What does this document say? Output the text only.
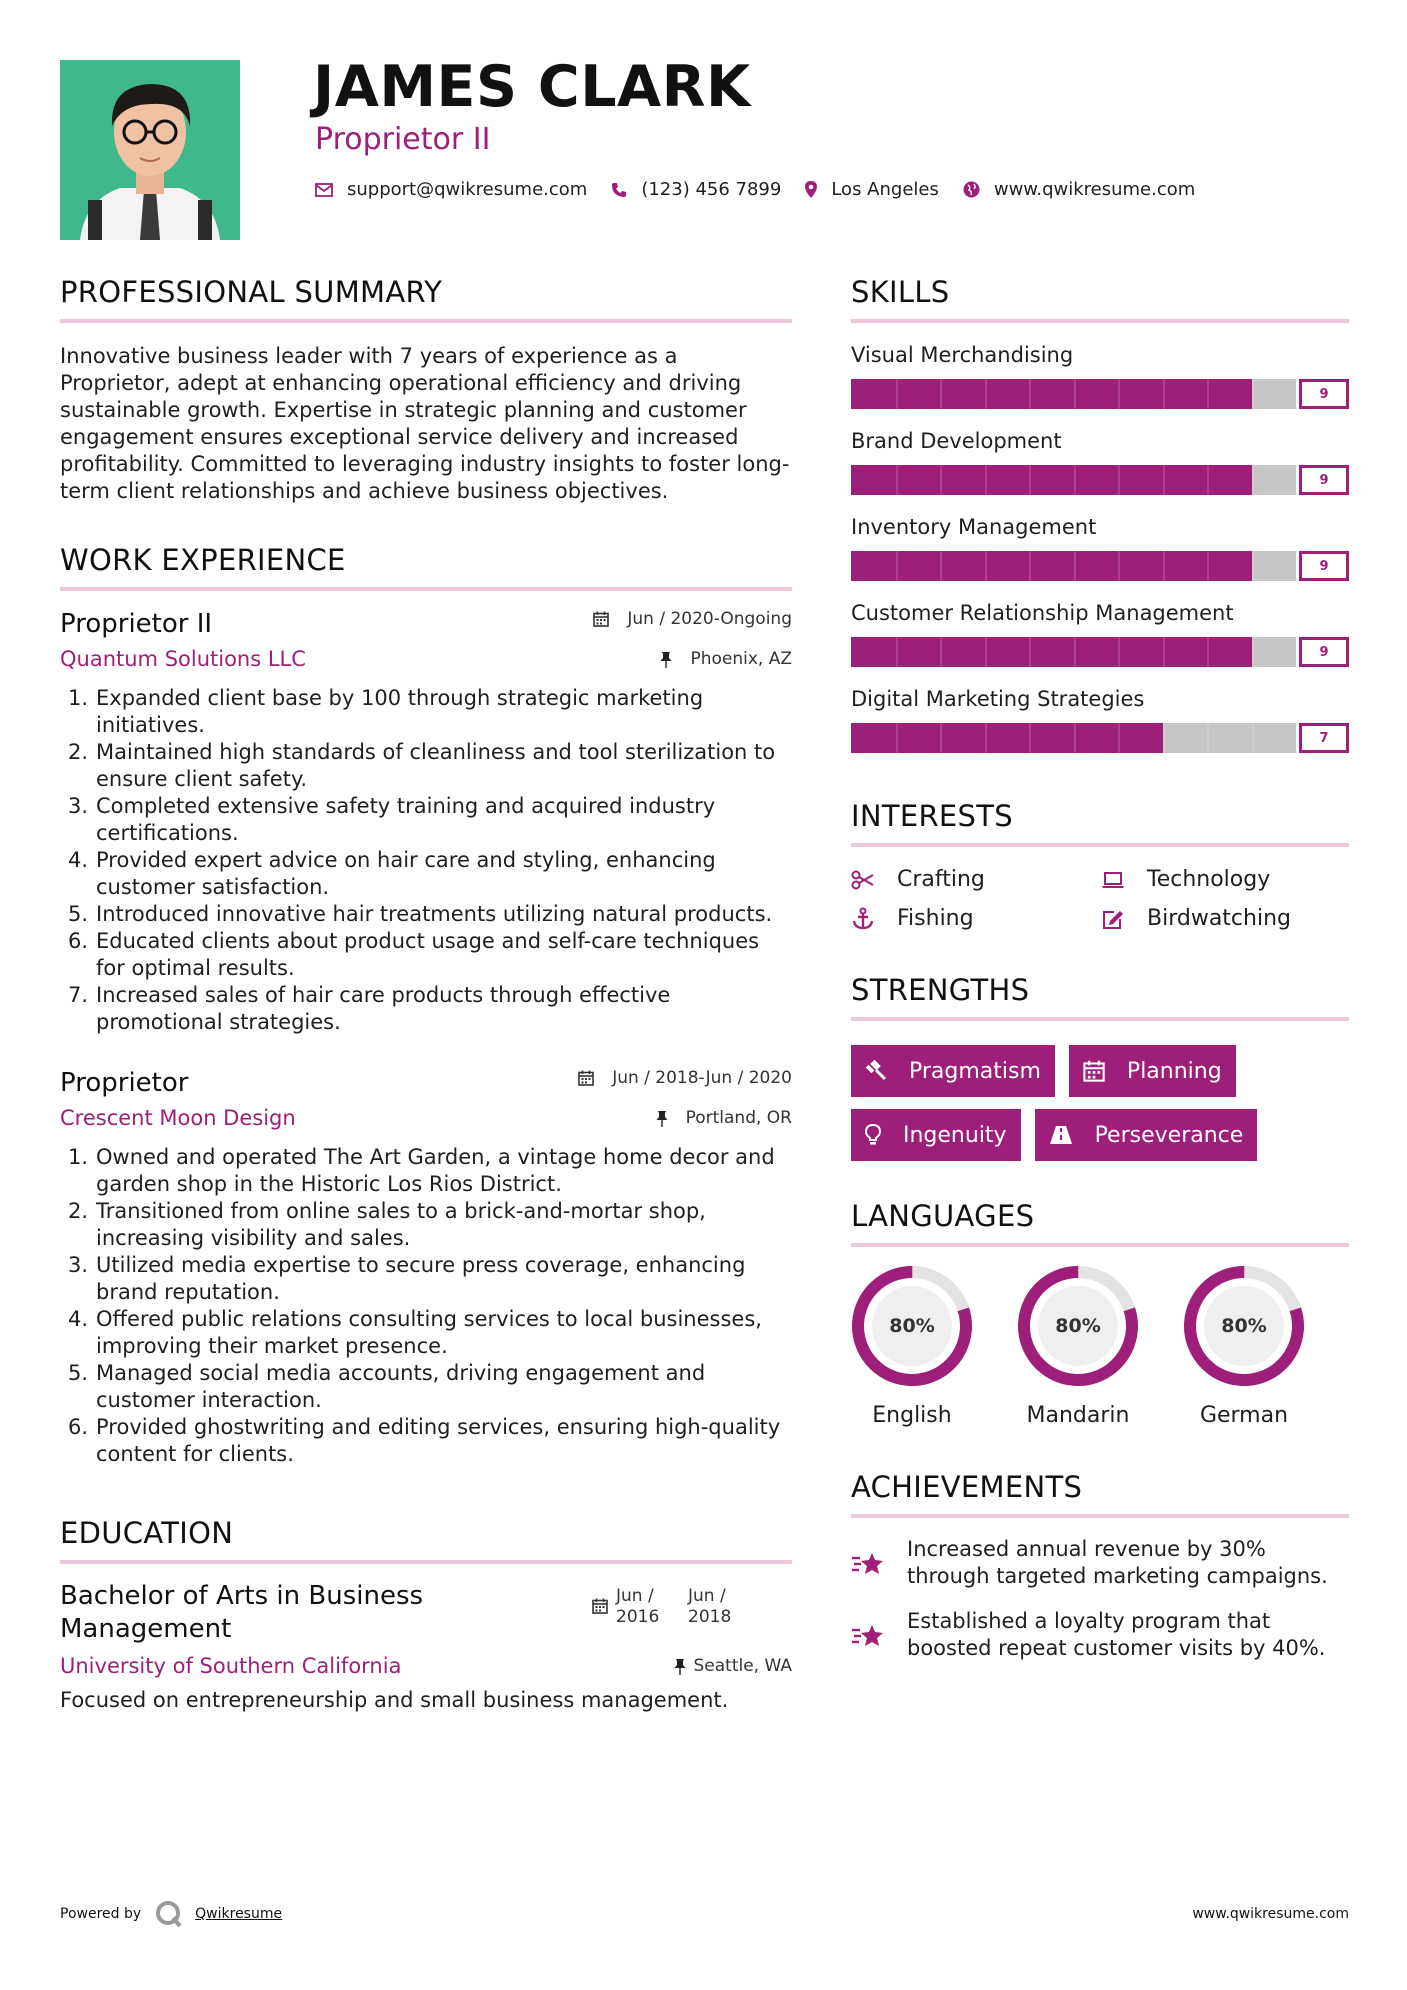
JAMES CLARK
Proprietor II
support@qwikresume.com	(123) 456 7899	Los Angeles	www.qwikresume.com
PROFESSIONAL SUMMARY

Innovative business leader with 7 years of experience as a Proprietor, adept at enhancing operational efficiency and driving sustainable growth. Expertise in strategic planning and customer engagement ensures exceptional service delivery and increased profitability. Committed to leveraging industry insights to foster long-term client relationships and achieve business objectives.

WORK EXPERIENCE
Proprietor II	Jun / 2020-Ongoing
Quantum Solutions LLC	Phoenix, AZ
Expanded client base by 100 through strategic marketing initiatives.
Maintained high standards of cleanliness and tool sterilization to ensure client safety.
Completed extensive safety training and acquired industry certifications.
Provided expert advice on hair care and styling, enhancing customer satisfaction.
Introduced innovative hair treatments utilizing natural products.
Educated clients about product usage and self-care techniques for optimal results.
Increased sales of hair care products through effective promotional strategies.
Proprietor	Jun / 2018-Jun / 2020
Crescent Moon Design	Portland, OR
Owned and operated The Art Garden, a vintage home decor and garden shop in the Historic Los Rios District.
Transitioned from online sales to a brick-and-mortar shop, increasing visibility and sales.
Utilized media expertise to secure press coverage, enhancing brand reputation.
Offered public relations consulting services to local businesses, improving their market presence.
Managed social media accounts, driving engagement and customer interaction.
Provided ghostwriting and editing services, ensuring high-quality content for clients.
EDUCATION
Bachelor of Arts in Business Management
Jun / 2016
Jun / 2018
University of Southern California	Seattle, WA
Focused on entrepreneurship and small business management.
SKILLS
Visual Merchandising
9
Brand Development
9
Inventory Management
9
Customer Relationship Management
9
Digital Marketing Strategies
7
INTERESTS
Crafting	Technology
Fishing	Birdwatching
STRENGTHS
Pragmatism	Planning
Ingenuity	Perseverance
LANGUAGES
80%
English
80%
Mandarin
80%
German
ACHIEVEMENTS
Increased annual revenue by 30% through targeted marketing campaigns.
Established a loyalty program that boosted repeat customer visits by 40%.
Powered by	Qwikresume	www.qwikresume.com
